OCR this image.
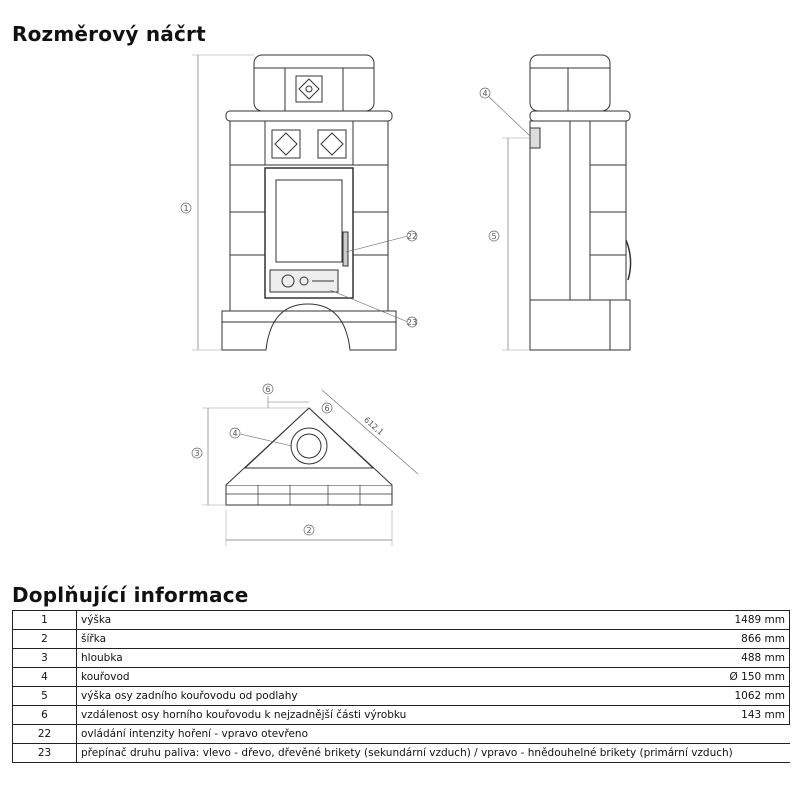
Rozměrový náčrt
1
22
23
5
4
2
3
6
6
4	612,1
Doplňující informace
1	výška	1489 mm
2	šířka	866 mm
3	hloubka	488 mm
4	kouřovod	Ø 150 mm
5	výška osy zadního kouřovodu od podlahy	1062 mm
6	vzdálenost osy horního kouřovodu k nejzadnější části výrobku	143 mm
22	ovládání intenzity hoření - vpravo otevřeno	
23	přepínač druhu paliva: vlevo - dřevo, dřevěné brikety (sekundární vzduch) / vpravo - hnědouhelné brikety (primární vzduch)	
